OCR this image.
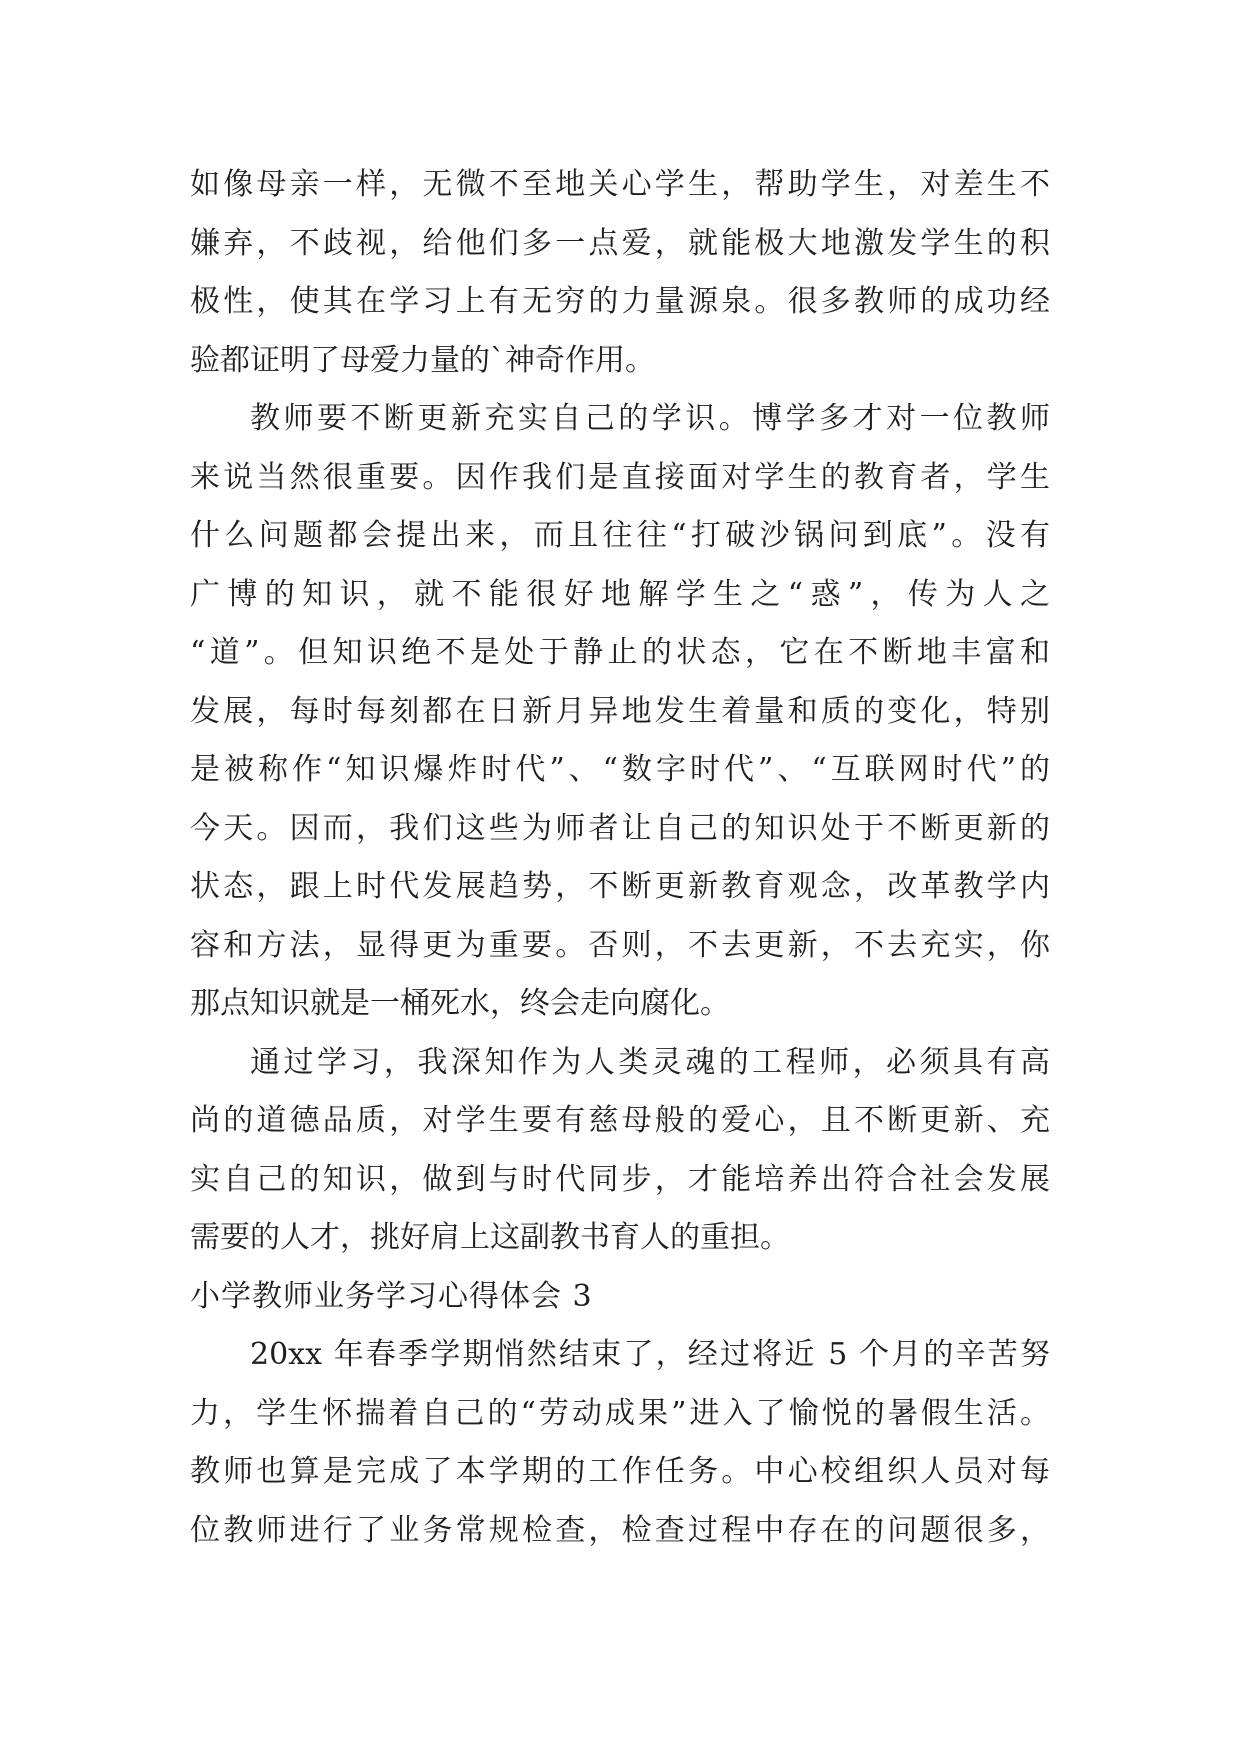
如像母亲一样，无微不至地关心学生，帮助学生，对差生不
嫌弃，不歧视，给他们多一点爱，就能极大地激发学生的积
极性，使其在学习上有无穷的力量源泉。很多教师的成功经
验都证明了母爱力量的`神奇作用。
教师要不断更新充实自己的学识。博学多才对一位教师
来说当然很重要。因作我们是直接面对学生的教育者，学生
什么问题都会提出来，而且往往“打破沙锅问到底”。没有
广博的知识，就不能很好地解学生之“惑”，传为人之
“道”。但知识绝不是处于静止的状态，它在不断地丰富和
发展，每时每刻都在日新月异地发生着量和质的变化，特别
是被称作“知识爆炸时代”、“数字时代”、“互联网时代”的
今天。因而，我们这些为师者让自己的知识处于不断更新的
状态，跟上时代发展趋势，不断更新教育观念，改革教学内
容和方法，显得更为重要。否则，不去更新，不去充实，你
那点知识就是一桶死水，终会走向腐化。
通过学习，我深知作为人类灵魂的工程师，必须具有高
尚的道德品质，对学生要有慈母般的爱心，且不断更新、充
实自己的知识，做到与时代同步，才能培养出符合社会发展
需要的人才，挑好肩上这副教书育人的重担。
小学教师业务学习心得体会 3
20xx 年春季学期悄然结束了，经过将近 5 个月的辛苦努
力，学生怀揣着自己的“劳动成果”进入了愉悦的暑假生活。
教师也算是完成了本学期的工作任务。中心校组织人员对每
位教师进行了业务常规检查，检查过程中存在的问题很多，
